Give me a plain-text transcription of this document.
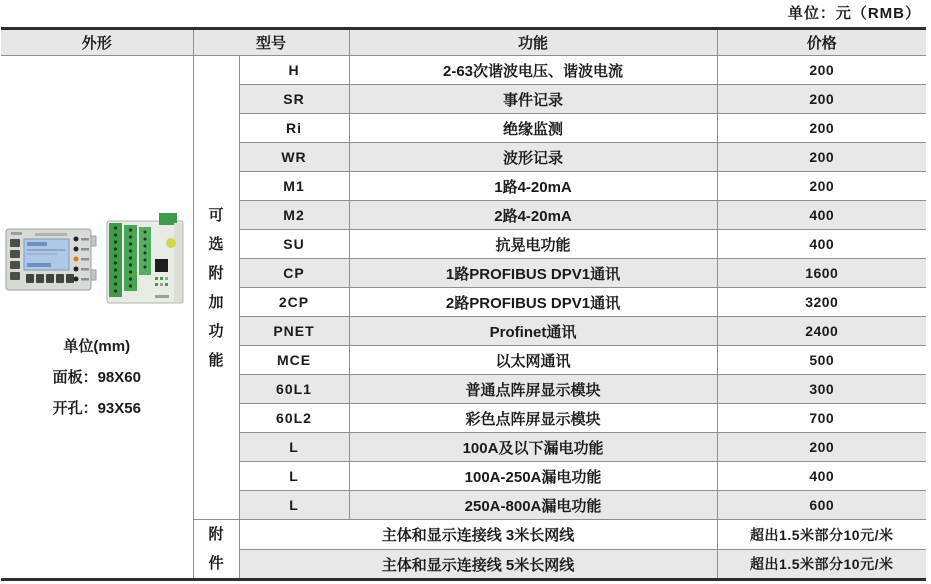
单位：元（RMB）
外形	型号		功能	价格

单位(mm)
面板：98X60
开孔：93X56	可选附加功能	H	2-63次谐波电压、谐波电流	200
		SR	事件记录	200
		Ri	绝缘监测	200
		WR	波形记录	200
		M1	1路4-20mA	200
		M2	2路4-20mA	400
		SU	抗晃电功能	400
		CP	1路PROFIBUS DPV1通讯	1600
		2CP	2路PROFIBUS DPV1通讯	3200
		PNET	Profinet通讯	2400
		MCE	以太网通讯	500
		60L1	普通点阵屏显示模块	300
		60L2	彩色点阵屏显示模块	700
		L	100A及以下漏电功能	200
		L	100A-250A漏电功能	400
		L	250A-800A漏电功能	600

	附件	主体和显示连接线 3米长网线		超出1.5米部分10元/米
		主体和显示连接线 5米长网线		超出1.5米部分10元/米
